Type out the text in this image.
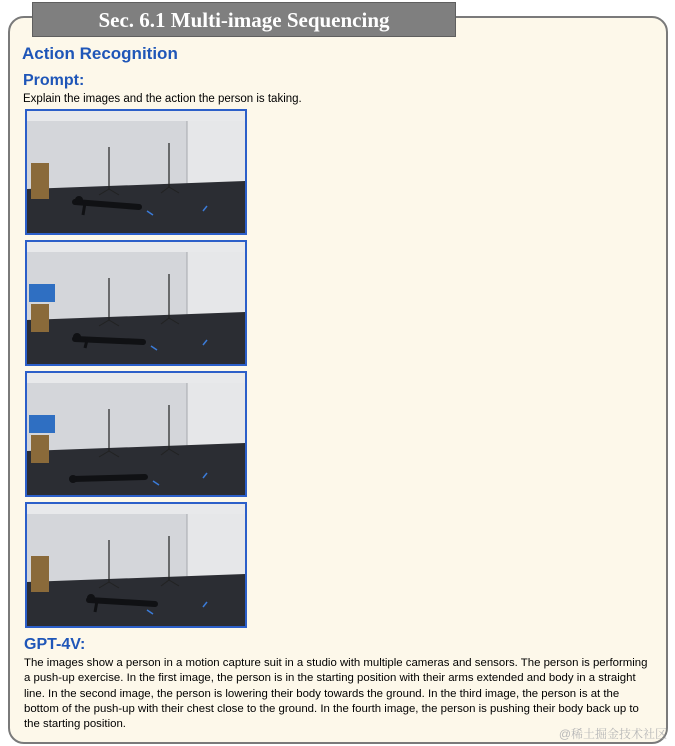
Sec. 6.1 Multi-image Sequencing
Action Recognition
Prompt:
Explain the images and the action the person is taking.
GPT-4V:

The images show a person in a motion capture suit in a studio with multiple cameras and sensors. The person is performing a push-up exercise. In the first image, the person is in the starting position with their arms extended and body in a straight line. In the second image, the person is lowering their body towards the ground. In the third image, the person is at the bottom of the push-up with their chest close to the ground. In the fourth image, the person is pushing their body back up to the starting position.

@稀土掘金技术社区
